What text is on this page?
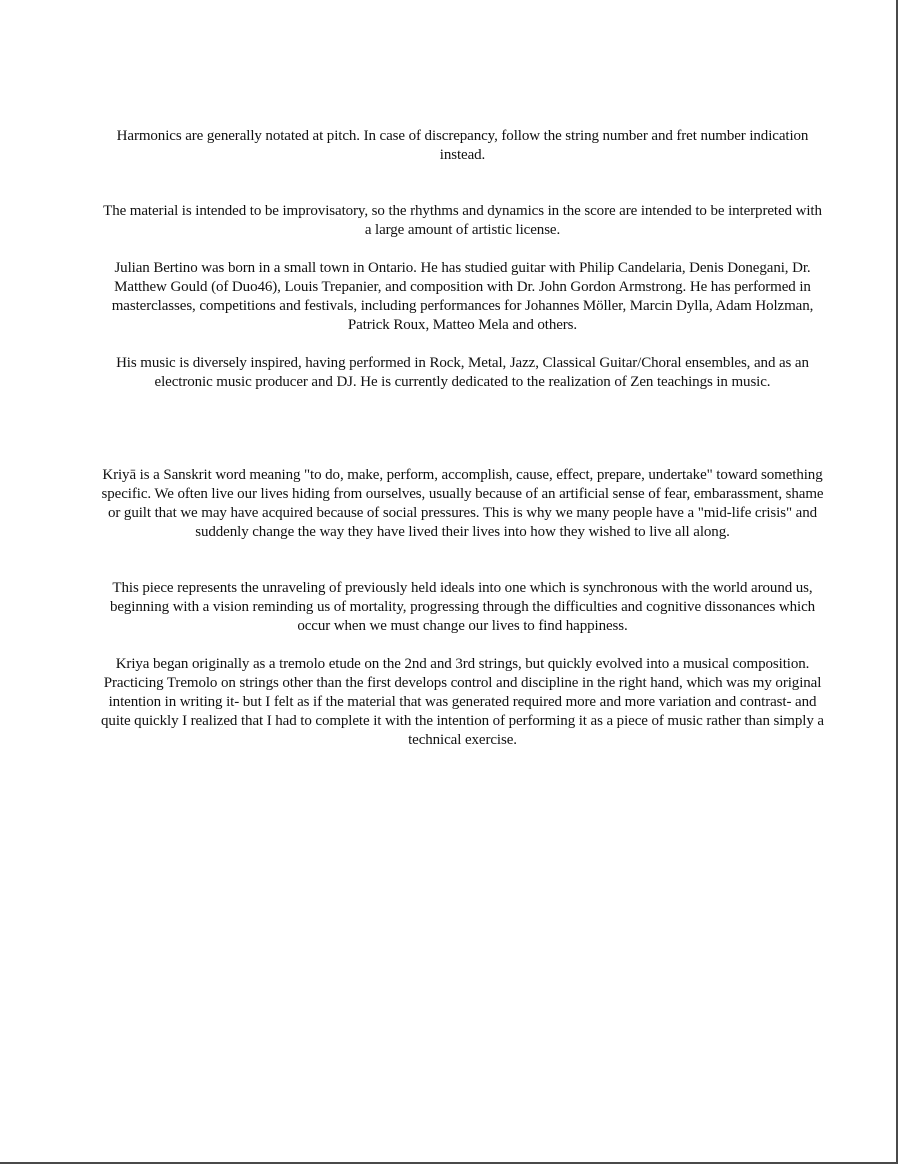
Harmonics are generally notated at pitch. In case of discrepancy, follow the string number and fret number indication instead.

The material is intended to be improvisatory, so the rhythms and dynamics in the score are intended to be interpreted with a large amount of artistic license.

Julian Bertino was born in a small town in Ontario. He has studied guitar with Philip Candelaria, Denis Donegani, Dr. Matthew Gould (of Duo46), Louis Trepanier, and composition with Dr. John Gordon Armstrong. He has performed in masterclasses, competitions and festivals, including performances for Johannes Möller, Marcin Dylla, Adam Holzman, Patrick Roux, Matteo Mela and others.

His music is diversely inspired, having performed in Rock, Metal, Jazz, Classical Guitar/Choral ensembles, and as an electronic music producer and DJ. He is currently dedicated to the realization of Zen teachings in music.

Kriyā is a Sanskrit word meaning "to do, make, perform, accomplish, cause, effect, prepare, undertake" toward something specific. We often live our lives hiding from ourselves, usually because of an artificial sense of fear, embarassment, shame or guilt that we may have acquired because of social pressures. This is why we many people have a "mid-life crisis" and suddenly change the way they have lived their lives into how they wished to live all along.

This piece represents the unraveling of previously held ideals into one which is synchronous with the world around us, beginning with a vision reminding us of mortality, progressing through the difficulties and cognitive dissonances which occur when we must change our lives to find happiness.

Kriya began originally as a tremolo etude on the 2nd and 3rd strings, but quickly evolved into a musical composition. Practicing Tremolo on strings other than the first develops control and discipline in the right hand, which was my original intention in writing it- but I felt as if the material that was generated required more and more variation and contrast- and quite quickly I realized that I had to complete it with the intention of performing it as a piece of music rather than simply a technical exercise.
